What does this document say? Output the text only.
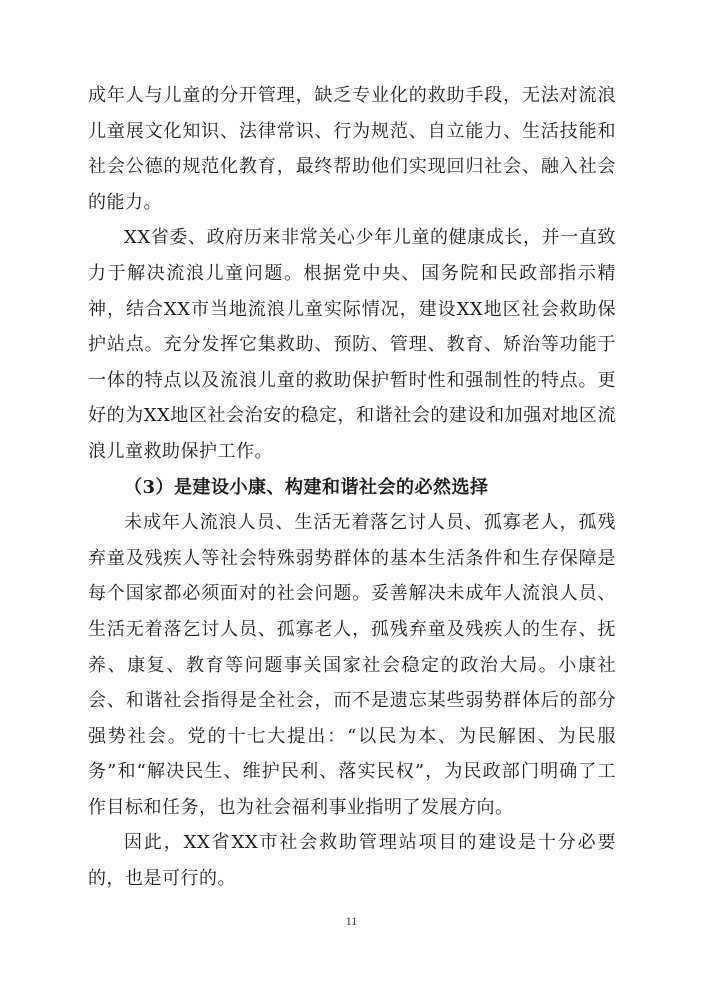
成年人与儿童的分开管理，缺乏专业化的救助手段，无法对流浪儿童展文化知识、法律常识、行为规范、自立能力、生活技能和社会公德的规范化教育，最终帮助他们实现回归社会、融入社会的能力。

XX省委、政府历来非常关心少年儿童的健康成长，并一直致力于解决流浪儿童问题。根据党中央、国务院和民政部指示精神，结合XX市当地流浪儿童实际情况，建设XX地区社会救助保护站点。充分发挥它集救助、预防、管理、教育、矫治等功能于一体的特点以及流浪儿童的救助保护暂时性和强制性的特点。更好的为XX地区社会治安的稳定，和谐社会的建设和加强对地区流浪儿童救助保护工作。

（3）是建设小康、构建和谐社会的必然选择

未成年人流浪人员、生活无着落乞讨人员、孤寡老人，孤残弃童及残疾人等社会特殊弱势群体的基本生活条件和生存保障是每个国家都必须面对的社会问题。妥善解决未成年人流浪人员、生活无着落乞讨人员、孤寡老人，孤残弃童及残疾人的生存、抚养、康复、教育等问题事关国家社会稳定的政治大局。小康社会、和谐社会指得是全社会，而不是遗忘某些弱势群体后的部分强势社会。党的十七大提出：“以民为本、为民解困、为民服务”和“解决民生、维护民利、落实民权”，为民政部门明确了工作目标和任务，也为社会福利事业指明了发展方向。

因此，XX省XX市社会救助管理站项目的建设是十分必要的，也是可行的。

11
